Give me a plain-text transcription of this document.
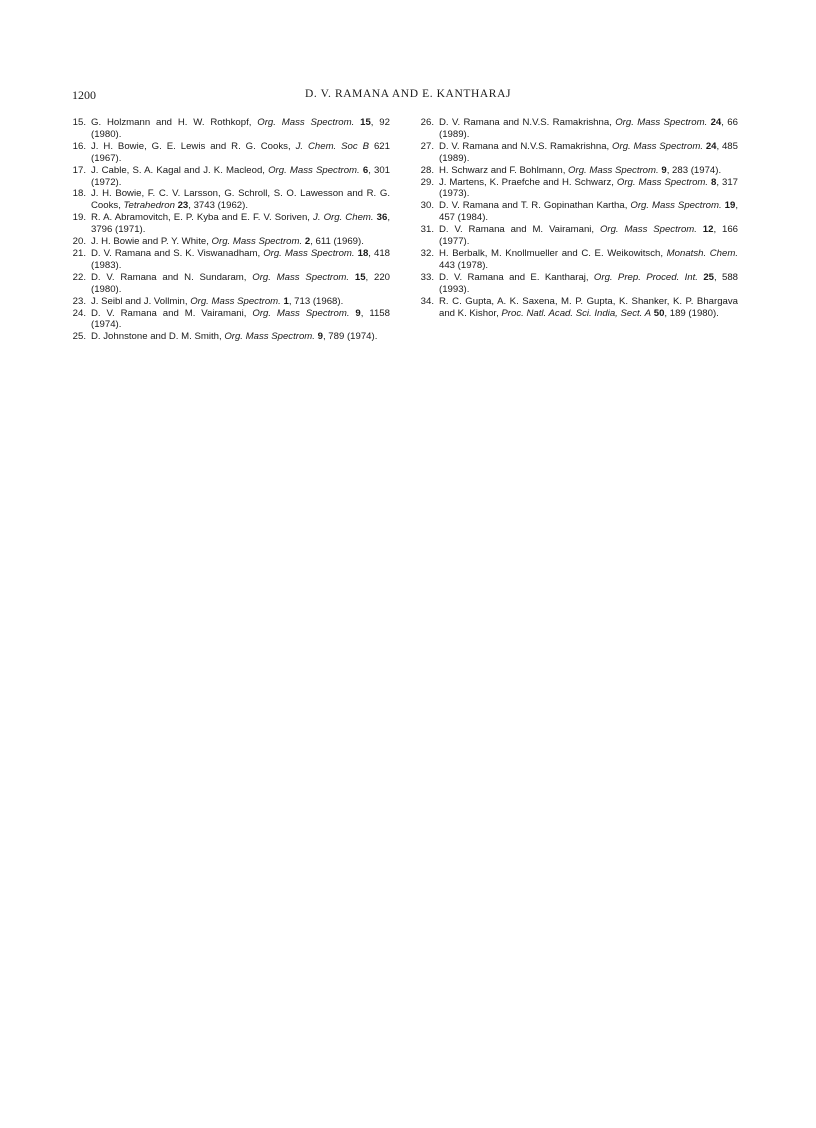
1200	D. V. RAMANA AND E. KANTHARAJ
15. G. Holzmann and H. W. Rothkopf, Org. Mass Spectrom. 15, 92 (1980).
16. J. H. Bowie, G. E. Lewis and R. G. Cooks, J. Chem. Soc B 621 (1967).
17. J. Cable, S. A. Kagal and J. K. Macleod, Org. Mass Spectrom. 6, 301 (1972).
18. J. H. Bowie, F. C. V. Larsson, G. Schroll, S. O. Lawesson and R. G. Cooks, Tetrahedron 23, 3743 (1962).
19. R. A. Abramovitch, E. P. Kyba and E. F. V. Soriven, J. Org. Chem. 36, 3796 (1971).
20. J. H. Bowie and P. Y. White, Org. Mass Spectrom. 2, 611 (1969).
21. D. V. Ramana and S. K. Viswanadham, Org. Mass Spectrom. 18, 418 (1983).
22. D. V. Ramana and N. Sundaram, Org. Mass Spectrom. 15, 220 (1980).
23. J. Seibl and J. Vollmin, Org. Mass Spectrom. 1, 713 (1968).
24. D. V. Ramana and M. Vairamani, Org. Mass Spectrom. 9, 1158 (1974).
25. D. Johnstone and D. M. Smith, Org. Mass Spectrom. 9, 789 (1974).
26. D. V. Ramana and N.V.S. Ramakrishna, Org. Mass Spectrom. 24, 66 (1989).
27. D. V. Ramana and N.V.S. Ramakrishna, Org. Mass Spectrom. 24, 485 (1989).
28. H. Schwarz and F. Bohlmann, Org. Mass Spectrom. 9, 283 (1974).
29. J. Martens, K. Praefche and H. Schwarz, Org. Mass Spectrom. 8, 317 (1973).
30. D. V. Ramana and T. R. Gopinathan Kartha, Org. Mass Spectrom. 19, 457 (1984).
31. D. V. Ramana and M. Vairamani, Org. Mass Spectrom. 12, 166 (1977).
32. H. Berbalk, M. Knollmueller and C. E. Weikowitsch, Monatsh. Chem. 443 (1978).
33. D. V. Ramana and E. Kantharaj, Org. Prep. Proced. Int. 25, 588 (1993).
34. R. C. Gupta, A. K. Saxena, M. P. Gupta, K. Shanker, K. P. Bhargava and K. Kishor, Proc. Natl. Acad. Sci. India, Sect. A 50, 189 (1980).
